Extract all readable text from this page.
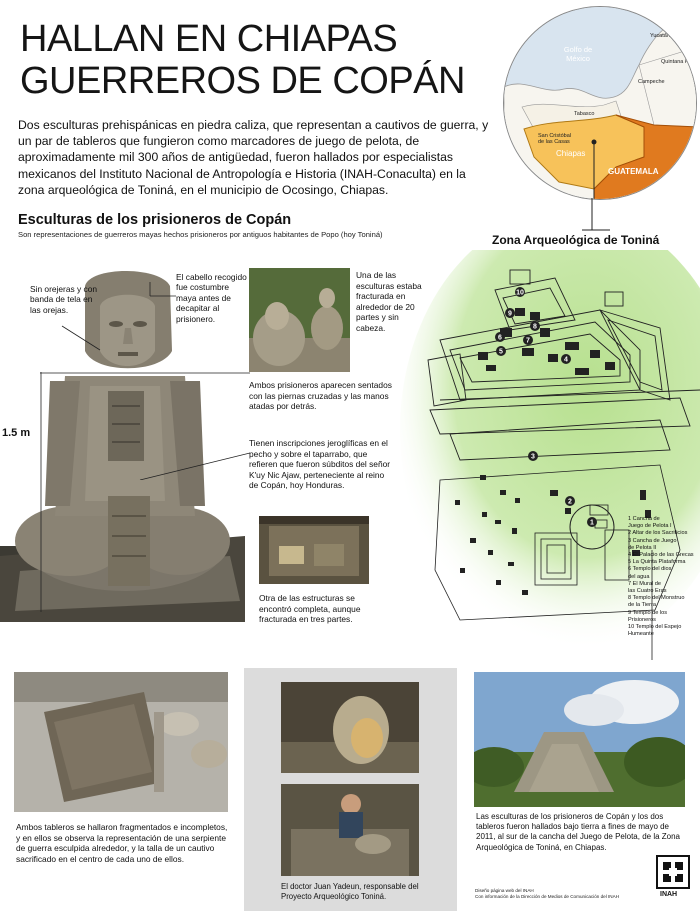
HALLAN EN CHIAPAS
GUERREROS DE COPÁN
Dos esculturas prehispánicas en piedra caliza, que representan a cautivos de guerra, y un par de tableros que fungieron como marcadores de juego de pelota, de aproximadamente mil 300 años de antigüedad, fueron hallados por especialistas mexicanos del Instituto Nacional de Antropología e Historia (INAH-Conaculta) en la zona arqueológica de Toniná, en el municipio de Ocosingo, Chiapas.
Esculturas de los prisioneros de Copán
Son representaciones de guerreros mayas hechos prisioneros por antiguos habitantes de Popo (hoy Toniná)
Golfo de México
Yucatán
Quintana Roo
Campeche
Tabasco
San Cristóbal de las Casas
Chiapas
GUATEMALA
Zona Arqueológica de Toniná
10
9
8
7
6
5
4
3
2
1
1 Cancha de
Juego de Pelota I
2 Altar de los Sacrificios
3 Cancha de Juego
de Pelota II
4 El Palacio de las Grecas
5 La Quinta Plataforma
6 Templo del dios
del agua
7 El Mural de
las Cuatro Eras
8 Templo del Monstruo
de la Tierra
9 Templo de los
Prisioneros
10 Templo del Espejo
Humeante
Sin orejeras y con banda de tela en las orejas.
El cabello recogido fue costumbre maya antes de decapitar al prisionero.
1.5 m
Una de las esculturas estaba fracturada en alrededor de 20 partes y sin cabeza.
Ambos prisioneros aparecen sentados con las piernas cruzadas y las manos atadas por detrás.
Tienen inscripciones jeroglíficas en el pecho y sobre el taparrabo, que refieren que fueron súbditos del señor K'uy Nic Ajaw, perteneciente al reino de Copán, hoy Honduras.
Otra de las estructuras se encontró completa, aunque fracturada en tres partes.
Ambos tableros se hallaron fragmentados e incompletos, y en ellos se observa la representación de una serpiente de guerra esculpida alrededor, y la talla de un cautivo sacrificado en el centro de cada uno de ellos.
El doctor Juan Yadeun, responsable del Proyecto Arqueológico Toniná.
Las esculturas de los prisioneros de Copán y los dos tableros fueron hallados bajo tierra a fines de mayo de 2011, al sur de la cancha del Juego de Pelota, de la Zona Arqueológica de Toniná, en Chiapas.
Diseño página web del INAH
Con información de la Dirección de Medios de Comunicación del INAH	INAH
